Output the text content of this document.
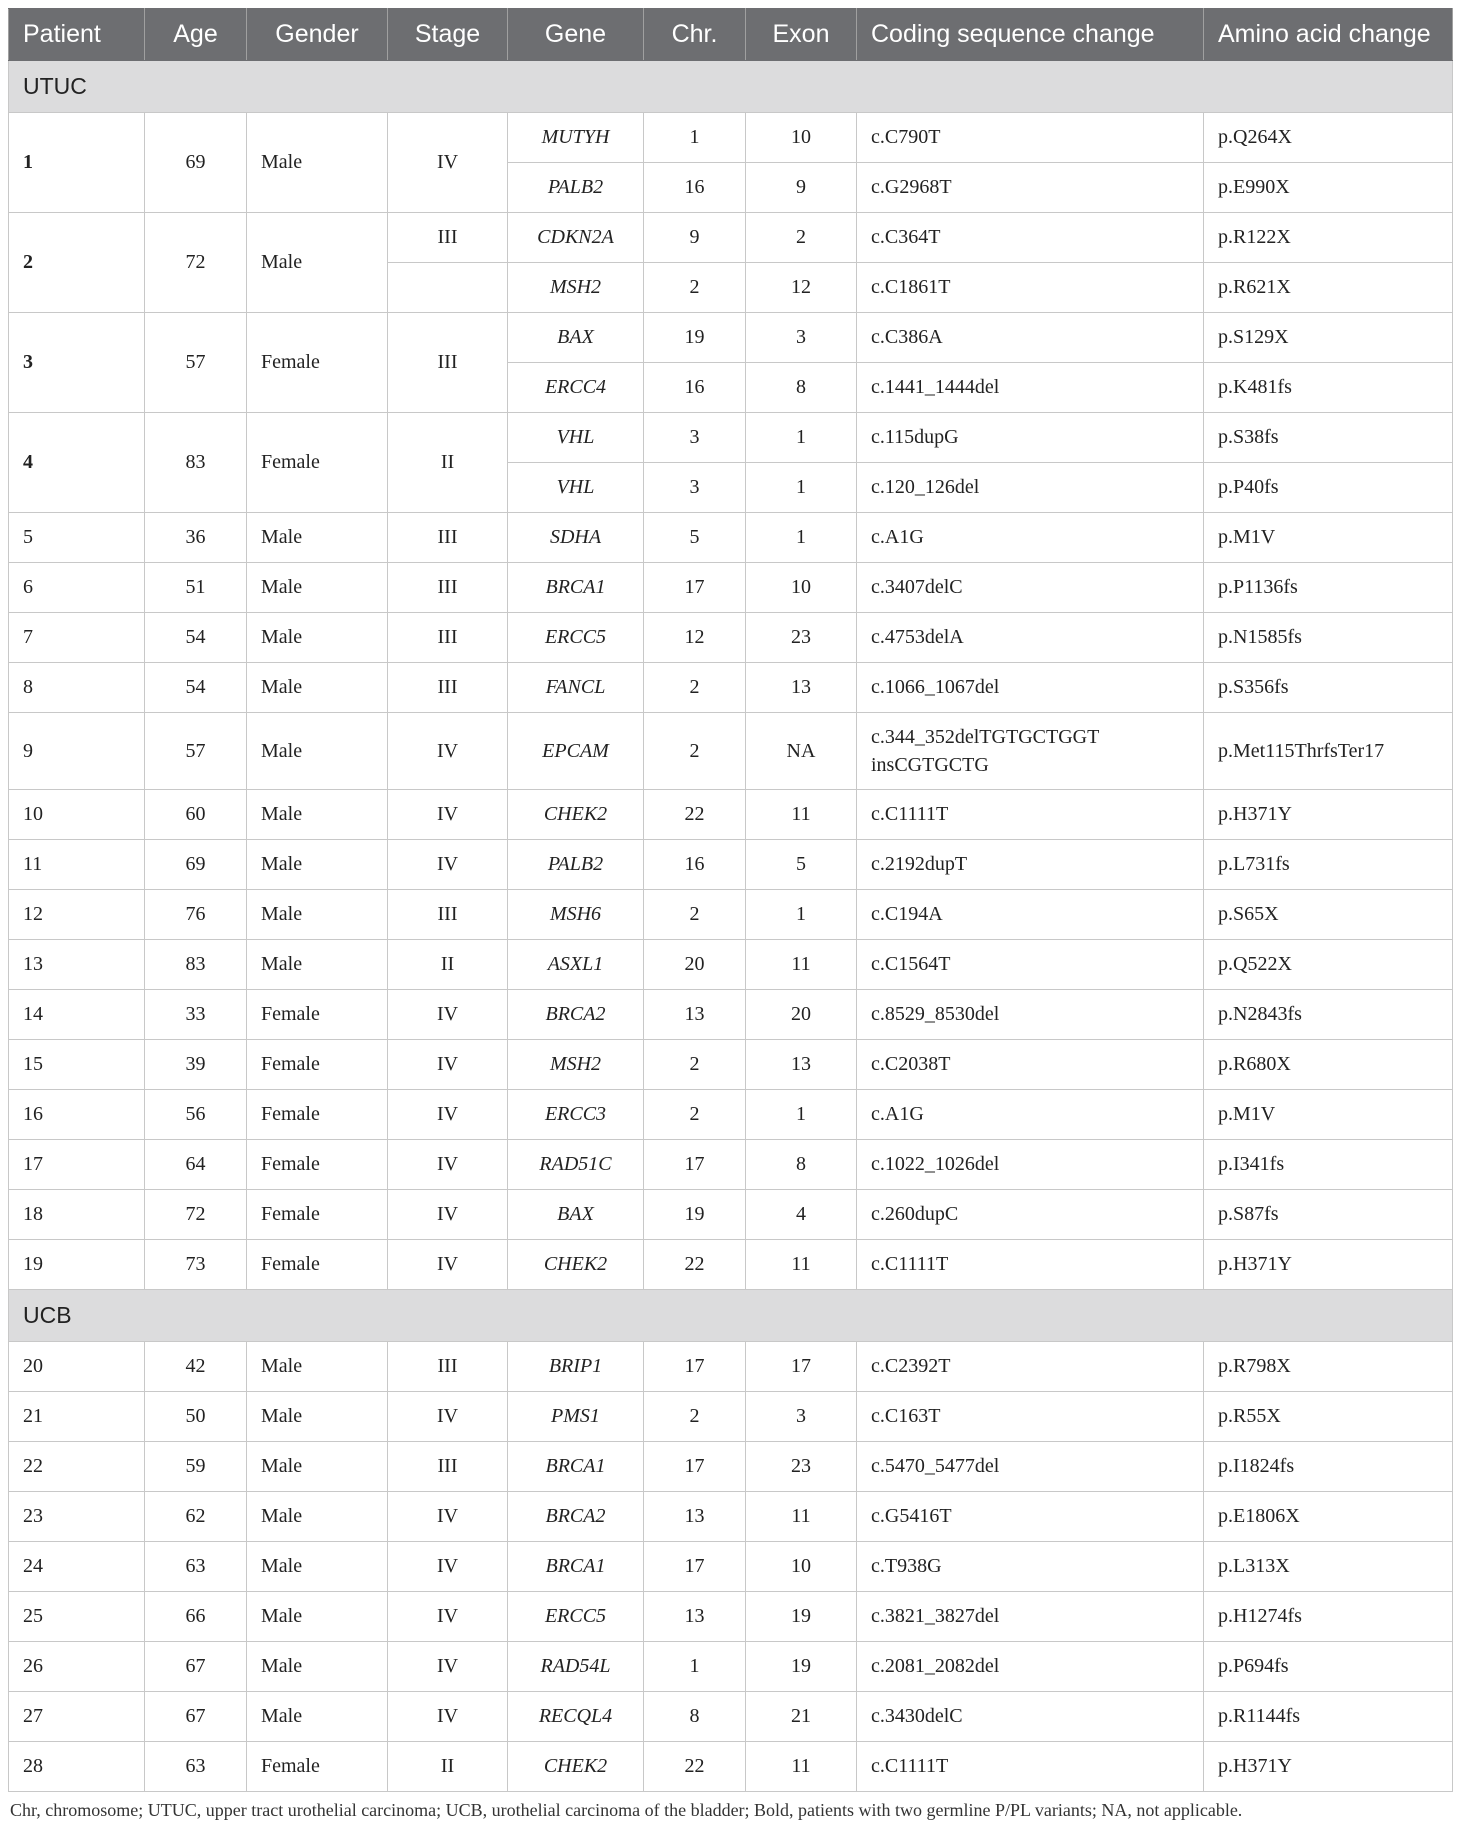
Patient	Age	Gender	Stage	Gene	Chr.	Exon	Coding sequence change	Amino acid change
UTUC								
1	69	Male	IV	MUTYH	1	10	c.C790T	p.Q264X
				PALB2	16	9	c.G2968T	p.E990X
2	72	Male	III	CDKN2A	9	2	c.C364T	p.R122X
				MSH2	2	12	c.C1861T	p.R621X
3	57	Female	III	BAX	19	3	c.C386A	p.S129X
				ERCC4	16	8	c.1441_1444del	p.K481fs
4	83	Female	II	VHL	3	1	c.115dupG	p.S38fs
				VHL	3	1	c.120_126del	p.P40fs
5	36	Male	III	SDHA	5	1	c.A1G	p.M1V
6	51	Male	III	BRCA1	17	10	c.3407delC	p.P1136fs
7	54	Male	III	ERCC5	12	23	c.4753delA	p.N1585fs
8	54	Male	III	FANCL	2	13	c.1066_1067del	p.S356fs
9	57	Male	IV	EPCAM	2	NA	c.344_352delTGTGCTGGT
insCGTGCTG	p.Met115ThrfsTer17
10	60	Male	IV	CHEK2	22	11	c.C1111T	p.H371Y
11	69	Male	IV	PALB2	16	5	c.2192dupT	p.L731fs
12	76	Male	III	MSH6	2	1	c.C194A	p.S65X
13	83	Male	II	ASXL1	20	11	c.C1564T	p.Q522X
14	33	Female	IV	BRCA2	13	20	c.8529_8530del	p.N2843fs
15	39	Female	IV	MSH2	2	13	c.C2038T	p.R680X
16	56	Female	IV	ERCC3	2	1	c.A1G	p.M1V
17	64	Female	IV	RAD51C	17	8	c.1022_1026del	p.I341fs
18	72	Female	IV	BAX	19	4	c.260dupC	p.S87fs
19	73	Female	IV	CHEK2	22	11	c.C1111T	p.H371Y
UCB								
20	42	Male	III	BRIP1	17	17	c.C2392T	p.R798X
21	50	Male	IV	PMS1	2	3	c.C163T	p.R55X
22	59	Male	III	BRCA1	17	23	c.5470_5477del	p.I1824fs
23	62	Male	IV	BRCA2	13	11	c.G5416T	p.E1806X
24	63	Male	IV	BRCA1	17	10	c.T938G	p.L313X
25	66	Male	IV	ERCC5	13	19	c.3821_3827del	p.H1274fs
26	67	Male	IV	RAD54L	1	19	c.2081_2082del	p.P694fs
27	67	Male	IV	RECQL4	8	21	c.3430delC	p.R1144fs
28	63	Female	II	CHEK2	22	11	c.C1111T	p.H371Y
Chr, chromosome; UTUC, upper tract urothelial carcinoma; UCB, urothelial carcinoma of the bladder; Bold, patients with two germline P/PL variants; NA, not applicable.
